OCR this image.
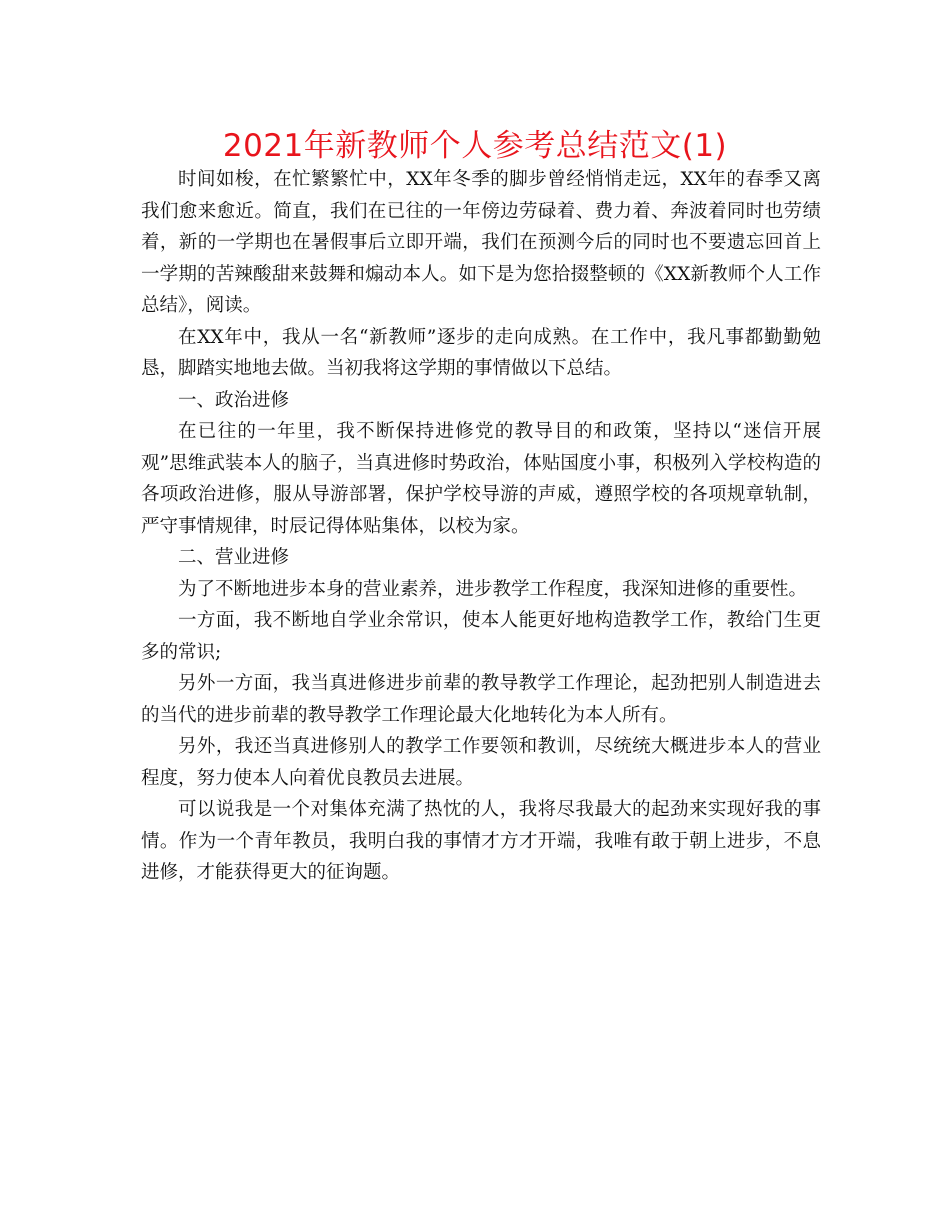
2021年新教师个人参考总结范文(1)

时间如梭，在忙繁繁忙中，XX年冬季的脚步曾经悄悄走远，XX年的春季又离我们愈来愈近。简直，我们在已往的一年傍边劳碌着、费力着、奔波着同时也劳绩着，新的一学期也在暑假事后立即开端，我们在预测今后的同时也不要遗忘回首上一学期的苦辣酸甜来鼓舞和煽动本人。如下是为您拾掇整顿的《XX新教师个人工作总结》，阅读。

在XX年中，我从一名“新教师”逐步的走向成熟。在工作中，我凡事都勤勤勉恳，脚踏实地地去做。当初我将这学期的事情做以下总结。

一、政治进修

在已往的一年里，我不断保持进修党的教导目的和政策，坚持以“迷信开展观”思维武装本人的脑子，当真进修时势政治，体贴国度小事，积极列入学校构造的各项政治进修，服从导游部署，保护学校导游的声威，遵照学校的各项规章轨制，严守事情规律，时辰记得体贴集体，以校为家。

二、营业进修

为了不断地进步本身的营业素养，进步教学工作程度，我深知进修的重要性。

一方面，我不断地自学业余常识，使本人能更好地构造教学工作，教给门生更多的常识;

另外一方面，我当真进修进步前辈的教导教学工作理论，起劲把别人制造进去的当代的进步前辈的教导教学工作理论最大化地转化为本人所有。

另外，我还当真进修别人的教学工作要领和教训，尽统统大概进步本人的营业程度，努力使本人向着优良教员去进展。

可以说我是一个对集体充满了热忱的人，我将尽我最大的起劲来实现好我的事情。作为一个青年教员，我明白我的事情才方才开端，我唯有敢于朝上进步，不息进修，才能获得更大的征询题。
